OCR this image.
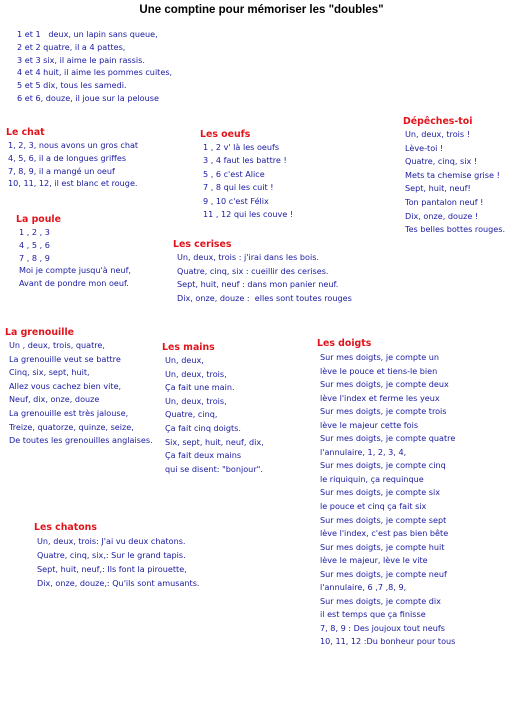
Une comptine pour mémoriser les "doubles"
1 et 1   deux, un lapin sans queue,
2 et 2 quatre, il a 4 pattes,
3 et 3 six, il aime le pain rassis.
4 et 4 huit, il aime les pommes cuites,
5 et 5 dix, tous les samedi.
6 et 6, douze, il joue sur la pelouse
Le chat
1, 2, 3, nous avons un gros chat
4, 5, 6, il a de longues griffes
7, 8, 9, il a mangé un oeuf
10, 11, 12, il est blanc et rouge.
Les oeufs
1 , 2 v' là les oeufs
3 , 4 faut les battre !
5 , 6 c'est Alice
7 , 8 qui les cuit !
9 , 10 c'est Félix
11 , 12 qui les couve !
Dépêches-toi
Un, deux, trois !
Lève-toi !
Quatre, cinq, six !
Mets ta chemise grise !
Sept, huit, neuf!
Ton pantalon neuf !
Dix, onze, douze !
Tes belles bottes rouges.
La poule
1 , 2 , 3
4 , 5 , 6
7 , 8 , 9
Moi je compte jusqu'à neuf,
Avant de pondre mon oeuf.
Les cerises
Un, deux, trois : j'irai dans les bois.
Quatre, cinq, six : cueillir des cerises.
Sept, huit, neuf : dans mon panier neuf.
Dix, onze, douze :  elles sont toutes rouges
La grenouille
Un , deux, trois, quatre,
La grenouille veut se battre
Cinq, six, sept, huit,
Allez vous cachez bien vite,
Neuf, dix, onze, douze
La grenouille est très jalouse,
Treize, quatorze, quinze, seize,
De toutes les grenouilles anglaises.
Les mains
Un, deux,
Un, deux, trois,
Ça fait une main.
Un, deux, trois,
Quatre, cinq,
Ça fait cinq doigts.
Six, sept, huit, neuf, dix,
Ça fait deux mains
qui se disent: "bonjour".
Les doigts
Sur mes doigts, je compte un
lève le pouce et tiens-le bien
Sur mes doigts, je compte deux
lève l'index et ferme les yeux
Sur mes doigts, je compte trois
lève le majeur cette fois
Sur mes doigts, je compte quatre
l'annulaire, 1, 2, 3, 4,
Sur mes doigts, je compte cinq
le riquiquin, ça requinque
Sur mes doigts, je compte six
le pouce et cinq ça fait six
Sur mes doigts, je compte sept
lève l'index, c'est pas bien bête
Sur mes doigts, je compte huit
lève le majeur, lève le vite
Sur mes doigts, je compte neuf
l'annulaire, 6 ,7 ,8, 9,
Sur mes doigts, je compte dix
il est temps que ça finisse
7, 8, 9 : Des joujoux tout neufs
10, 11, 12 :Du bonheur pour tous
Les chatons
Un, deux, trois: J'ai vu deux chatons.
Quatre, cinq, six,: Sur le grand tapis.
Sept, huit, neuf,: Ils font la pirouette,
Dix, onze, douze,: Qu'ils sont amusants.
